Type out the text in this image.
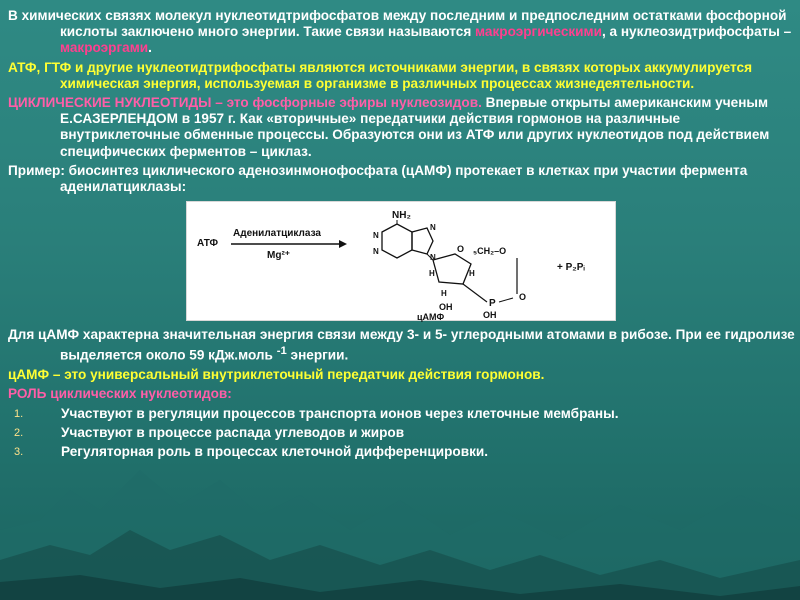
В химических связях молекул нуклеотидтрифосфатов между последним и предпоследним остатками фосфорной кислоты заключено много энергии. Такие связи называются макроэргическими, а нуклеозидтрифосфаты – макроэргами.
АТФ, ГТФ и другие нуклеотидтрифосфаты являются источниками энергии, в связях которых аккумулируется химическая энергия, используемая в организме в различных процессах жизнедеятельности.
ЦИКЛИЧЕСКИЕ НУКЛЕОТИДЫ – это фосфорные эфиры нуклеозидов. Впервые открыты американским ученым Е.САЗЕРЛЕНДОМ в 1957 г. Как «вторичные» передатчики действия гормонов на различные внутриклеточные обменные процессы. Образуются они из АТФ или других нуклеотидов под действием специфических ферментов – циклаз.
Пример: биосинтез циклического аденозинмонофосфата (цАМФ) протекает в клетках при участии фермента аденилатциклазы:
АТФ
Аденилатциклаза
Mg²⁺
NH₂
N
N
N
N
O ₅CH₂–O
H	H
H
P
O
OH
OH
цАМФ
+ P₂Pᵢ
Для цАМФ характерна значительная энергия связи между 3- и 5- углеродными атомами в рибозе. При ее гидролизе выделяется около 59 кДж.моль $^{-1}$ энергии.
цАМФ – это универсальный внутриклеточный передатчик действия гормонов.
РОЛЬ циклических нуклеотидов:
1.	Участвуют в регуляции процессов транспорта ионов через клеточные мембраны.
2.	Участвуют в процессе распада углеводов и жиров
3.	Регуляторная роль в процессах клеточной дифференцировки.
